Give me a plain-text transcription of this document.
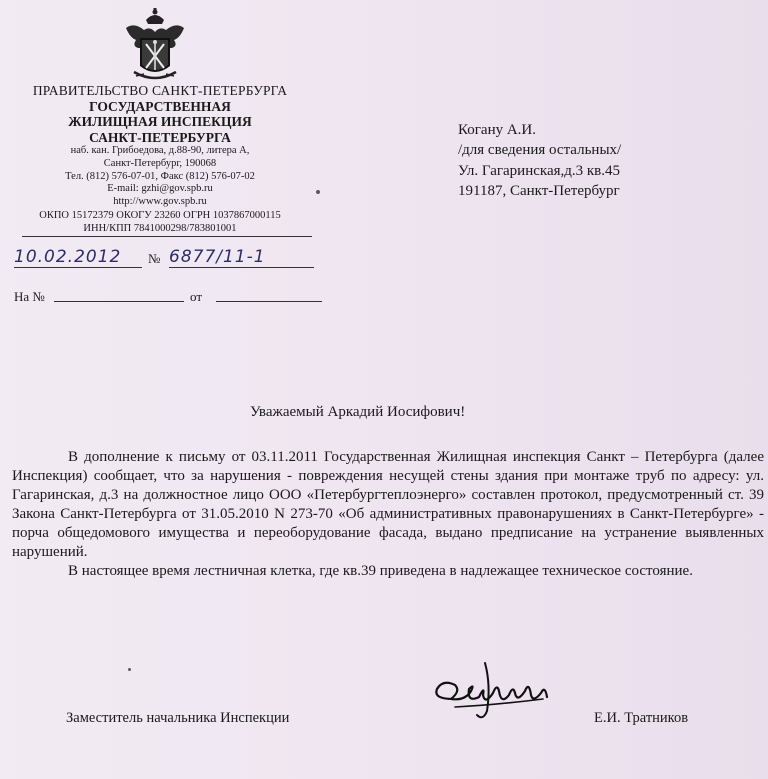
ПРАВИТЕЛЬСТВО САНКТ-ПЕТЕРБУРГА
ГОСУДАРСТВЕННАЯ
ЖИЛИЩНАЯ ИНСПЕКЦИЯ
САНКТ-ПЕТЕРБУРГА
наб. кан. Грибоедова, д.88-90, литера А,
Санкт-Петербург, 190068
Тел. (812) 576-07-01, Факс (812) 576-07-02
E-mail: gzhi@gov.spb.ru
http://www.gov.spb.ru
ОКПО 15172379 ОКОГУ 23260 ОГРН 1037867000115
ИНН/КПП 7841000298/783801001
10.02.2012	№ 6877/11-1
На №	от
Когану А.И.
/для сведения остальных/
Ул. Гагаринская,д.3 кв.45
191187, Санкт-Петербург
Уважаемый Аркадий Иосифович!

В дополнение к письму от 03.11.2011 Государственная Жилищная инспекция Санкт – Петербурга (далее Инспекция) сообщает, что за нарушения - повреждения несущей стены здания при монтаже труб по адресу: ул. Гагаринская, д.3 на должностное лицо ООО «Петербургтеплоэнерго» составлен протокол, предусмотренный ст. 39 Закона Санкт-Петербурга от 31.05.2010 N 273-70 «Об административных правонарушениях в Санкт-Петербурге» - порча общедомового имущества и переоборудование фасада, выдано предписание на устранение выявленных нарушений.

В настоящее время лестничная клетка, где кв.39 приведена в надлежащее техническое состояние.

Заместитель начальника Инспекции	Е.И. Тратников
